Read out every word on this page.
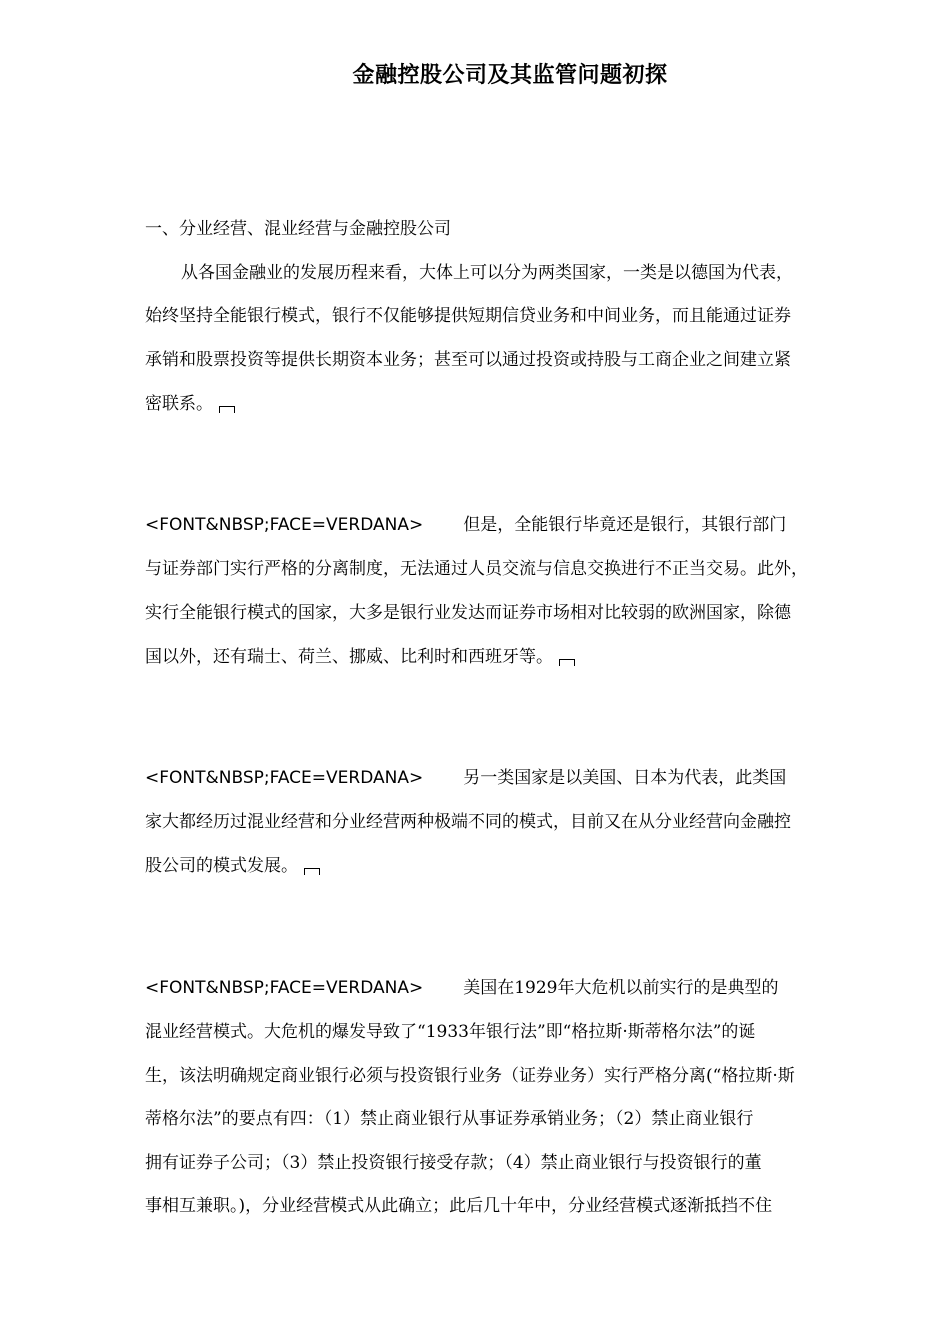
金融控股公司及其监管问题初探
一、分业经营、混业经营与金融控股公司
从各国金融业的发展历程来看，大体上可以分为两类国家，一类是以德国为代表，
始终坚持全能银行模式，银行不仅能够提供短期信贷业务和中间业务，而且能通过证券
承销和股票投资等提供长期资本业务；甚至可以通过投资或持股与工商企业之间建立紧
密联系。
<FONT&NBSP;FACE=VERDANA> 但是，全能银行毕竟还是银行，其银行部门
与证券部门实行严格的分离制度，无法通过人员交流与信息交换进行不正当交易。此外，
实行全能银行模式的国家，大多是银行业发达而证券市场相对比较弱的欧洲国家，除德
国以外，还有瑞士、荷兰、挪威、比利时和西班牙等。
<FONT&NBSP;FACE=VERDANA> 另一类国家是以美国、日本为代表，此类国
家大都经历过混业经营和分业经营两种极端不同的模式，目前又在从分业经营向金融控
股公司的模式发展。
<FONT&NBSP;FACE=VERDANA> 美国在1929年大危机以前实行的是典型的
混业经营模式。大危机的爆发导致了“1933年银行法”即“格拉斯·斯蒂格尔法”的诞
生，该法明确规定商业银行必须与投资银行业务（证券业务）实行严格分离(“格拉斯·斯
蒂格尔法”的要点有四：（1）禁止商业银行从事证券承销业务；（2）禁止商业银行
拥有证券子公司；（3）禁止投资银行接受存款；（4）禁止商业银行与投资银行的董
事相互兼职。)，分业经营模式从此确立；此后几十年中，分业经营模式逐渐抵挡不住
